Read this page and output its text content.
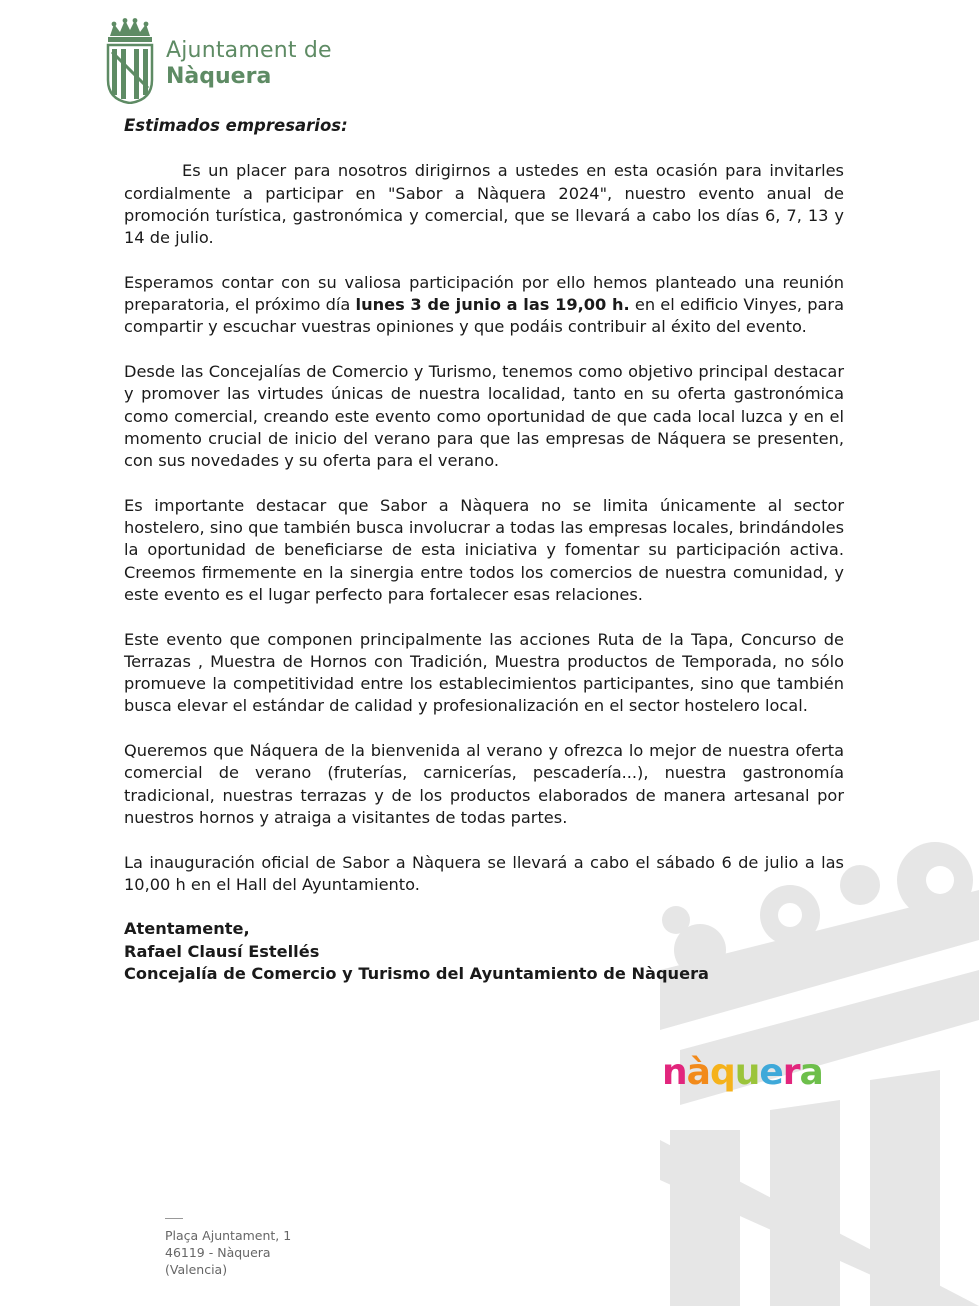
Ajuntament de
Nàquera

Estimados empresarios:

Es un placer para nosotros dirigirnos a ustedes en esta ocasión para invitarles cordialmente a participar en "Sabor a Nàquera 2024", nuestro evento anual de promoción turística, gastronómica y comercial, que se llevará a cabo los días 6, 7, 13 y 14 de julio.

Esperamos contar con su valiosa participación por ello hemos planteado una reunión preparatoria, el próximo día lunes 3 de junio a las 19,00 h. en el edificio Vinyes, para compartir y escuchar vuestras opiniones y que podáis contribuir al éxito del evento.

Desde las Concejalías de Comercio y Turismo, tenemos como objetivo principal destacar y promover las virtudes únicas de nuestra localidad, tanto en su oferta gastronómica como comercial, creando este evento como oportunidad de que cada local luzca y en el momento crucial de inicio del verano para que las empresas de Náquera se presenten, con sus novedades y su oferta para el verano.

Es importante destacar que Sabor a Nàquera no se limita únicamente al sector hostelero, sino que también busca involucrar a todas las empresas locales, brindándoles la oportunidad de beneficiarse de esta iniciativa y fomentar su participación activa. Creemos firmemente en la sinergia entre todos los comercios de nuestra comunidad, y este evento es el lugar perfecto para fortalecer esas relaciones.

Este evento que componen principalmente las acciones Ruta de la Tapa, Concurso de Terrazas , Muestra de Hornos con Tradición, Muestra productos de Temporada, no sólo promueve la competitividad entre los establecimientos participantes, sino que también busca elevar el estándar de calidad y profesionalización en el sector hostelero local.

Queremos que Náquera de la bienvenida al verano y ofrezca lo mejor de nuestra oferta comercial de verano (fruterías, carnicerías, pescadería...), nuestra gastronomía tradicional, nuestras terrazas y de los productos elaborados de manera artesanal por nuestros hornos y atraiga a visitantes de todas partes.

La inauguración oficial de Sabor a Nàquera se llevará a cabo el sábado 6 de julio a las 10,00 h en el Hall del Ayuntamiento.

Atentamente,

Rafael Clausí Estellés

Concejalía de Comercio y Turismo del Ayuntamiento de Nàquera

nàquera
Plaça Ajuntament, 1
46119 - Nàquera
(Valencia)
